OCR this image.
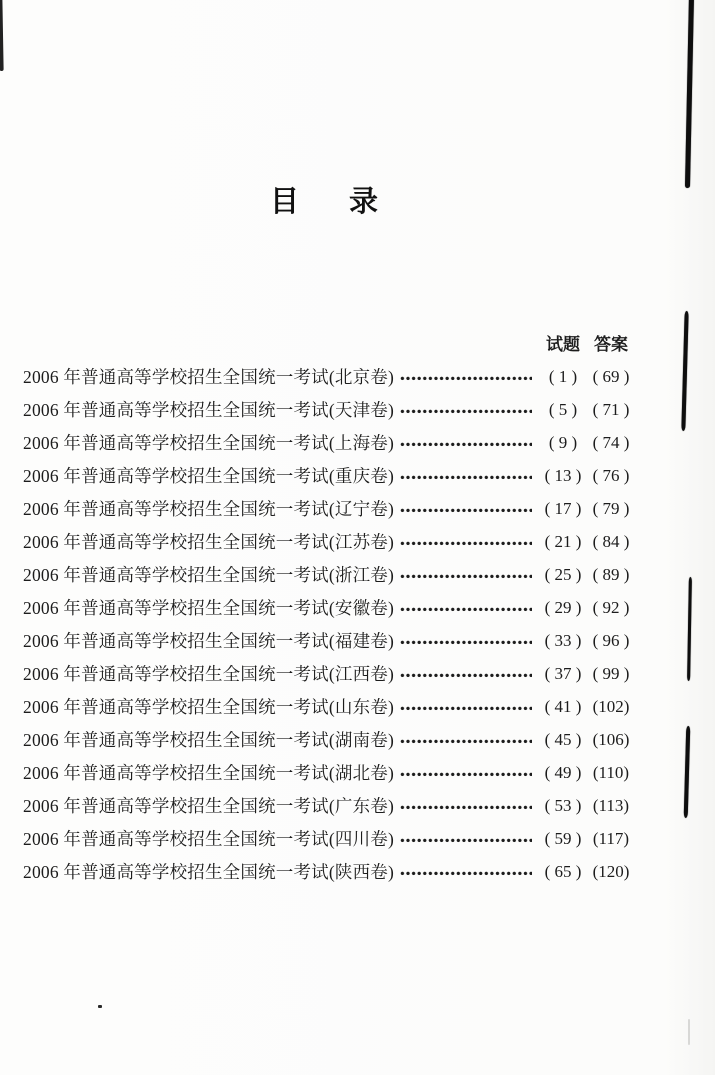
目 录
试题 答案
2006 年普通高等学校招生全国统一考试(北京卷)	( 1 ) ( 69 )
2006 年普通高等学校招生全国统一考试(天津卷)	( 5 ) ( 71 )
2006 年普通高等学校招生全国统一考试(上海卷)	( 9 ) ( 74 )
2006 年普通高等学校招生全国统一考试(重庆卷)	( 13 ) ( 76 )
2006 年普通高等学校招生全国统一考试(辽宁卷)	( 17 ) ( 79 )
2006 年普通高等学校招生全国统一考试(江苏卷)	( 21 ) ( 84 )
2006 年普通高等学校招生全国统一考试(浙江卷)	( 25 ) ( 89 )
2006 年普通高等学校招生全国统一考试(安徽卷)	( 29 ) ( 92 )
2006 年普通高等学校招生全国统一考试(福建卷)	( 33 ) ( 96 )
2006 年普通高等学校招生全国统一考试(江西卷)	( 37 ) ( 99 )
2006 年普通高等学校招生全国统一考试(山东卷)	( 41 ) (102)
2006 年普通高等学校招生全国统一考试(湖南卷)	( 45 ) (106)
2006 年普通高等学校招生全国统一考试(湖北卷)	( 49 ) (110)
2006 年普通高等学校招生全国统一考试(广东卷)	( 53 ) (113)
2006 年普通高等学校招生全国统一考试(四川卷)	( 59 ) (117)
2006 年普通高等学校招生全国统一考试(陕西卷)	( 65 ) (120)
